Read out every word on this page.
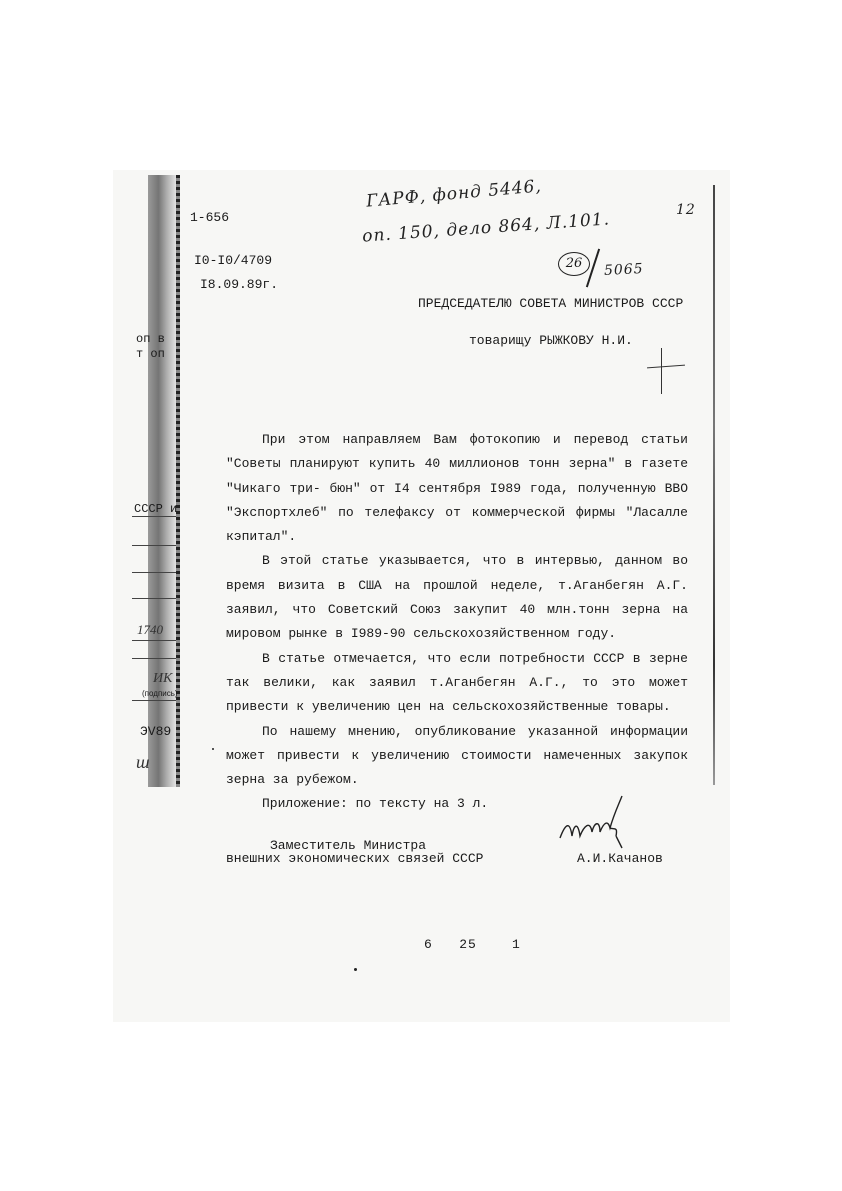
оп в
т оп
СССР и
1740
ИК
(подпись)
ЭV89
ш
ГАРФ, фонд 5446,
оп. 150, дело 864, Л.101.	12
26	5065
1-656
I0-I0/4709
I8.09.89г.
ПРЕДСЕДАТЕЛЮ СОВЕТА МИНИСТРОВ СССР
товарищу РЫЖКОВУ Н.И.

При этом направляем Вам фотокопию и перевод статьи "Советы планируют купить 40 миллионов тонн зерна" в газете "Чикаго три- бюн" от I4 сентября I989 года, полученную ВВО "Экспортхлеб" по телефаксу от коммерческой фирмы "Ласалле кэпитал".

В этой статье указывается, что в интервью, данном во время визита в США на прошлой неделе, т.Аганбегян А.Г. заявил, что Советский Союз закупит 40 млн.тонн зерна на мировом рынке в I989-90 сельскохозяйственном году.

В статье отмечается, что если потребности СССР в зерне так велики, как заявил т.Аганбегян А.Г., то это может привести к увеличению цен на сельскохозяйственные товары.

По нашему мнению, опубликование указанной информации может привести к увеличению стоимости намеченных закупок зерна за рубежом.

Приложение: по тексту на 3 л.

Заместитель Министра
внешних экономических связей СССР	А.И.Качанов
6   25    1
